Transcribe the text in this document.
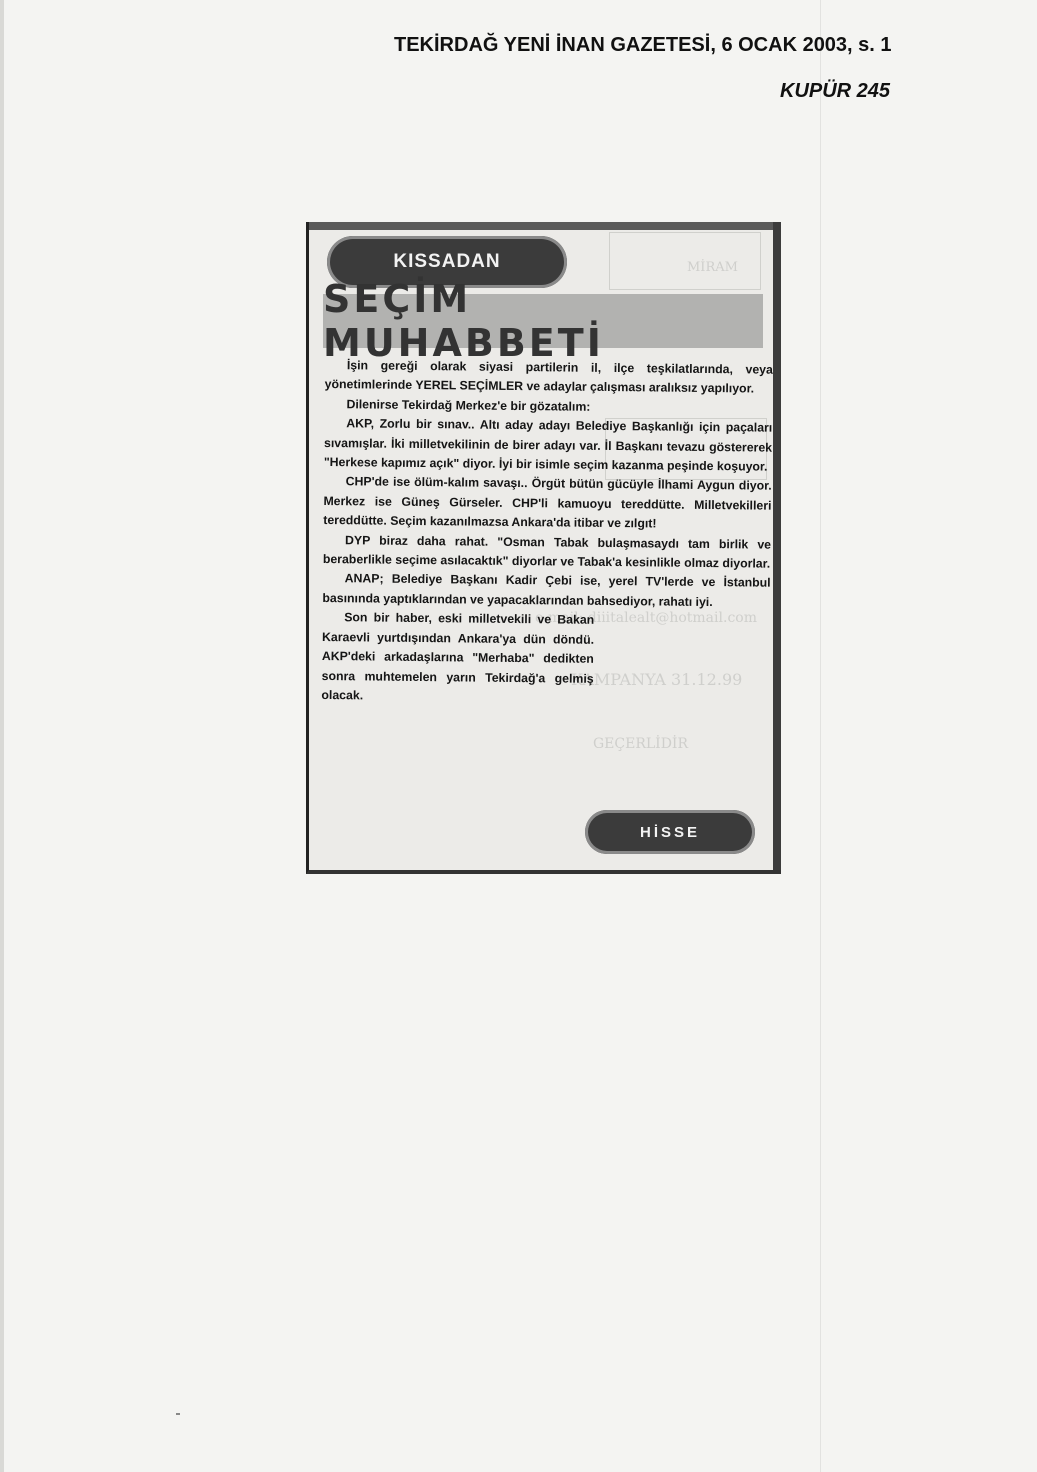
TEKİRDAĞ YENİ İNAN GAZETESİ, 6 OCAK 2003, s. 1
KUPÜR 245
MİRAM
e-mail: diiitalealt@hotmail.com
KAMPANYA 31.12.99
GEÇERLİDİR
KISSADAN
SEÇİM MUHABBETİ

İşin gereği olarak siyasi partilerin il, ilçe teşkilatlarında, veya yönetimlerinde YEREL SEÇİMLER ve adaylar çalışması aralıksız yapılıyor.

Dilenirse Tekirdağ Merkez'e bir gözatalım:

AKP, Zorlu bir sınav.. Altı aday adayı Belediye Başkanlığı için paçaları sıvamışlar. İki milletvekilinin de birer adayı var. İl Başkanı tevazu göstererek "Herkese kapımız açık" diyor. İyi bir isimle seçim kazanma peşinde koşuyor.

CHP'de ise ölüm-kalım savaşı.. Örgüt bütün gücüyle İlhami Aygun diyor. Merkez ise Güneş Gürseler. CHP'li kamuoyu tereddütte. Milletvekilleri tereddütte. Seçim kazanılmazsa Ankara'da itibar ve zılgıt!

DYP biraz daha rahat. "Osman Tabak bulaşmasaydı tam birlik ve beraberlikle seçime asılacaktık" diyorlar ve Tabak'a kesinlikle olmaz diyorlar.

ANAP; Belediye Başkanı Kadir Çebi ise, yerel TV'lerde ve İstanbul basınında yaptıklarından ve yapacaklarından bahsediyor, rahatı iyi.

Son bir haber, eski milletvekili ve Bakan Karaevli yurtdışından Ankara'ya dün döndü. AKP'deki arkadaşlarına "Merhaba" dedikten sonra muhtemelen yarın Tekirdağ'a gelmiş olacak.

HİSSE
